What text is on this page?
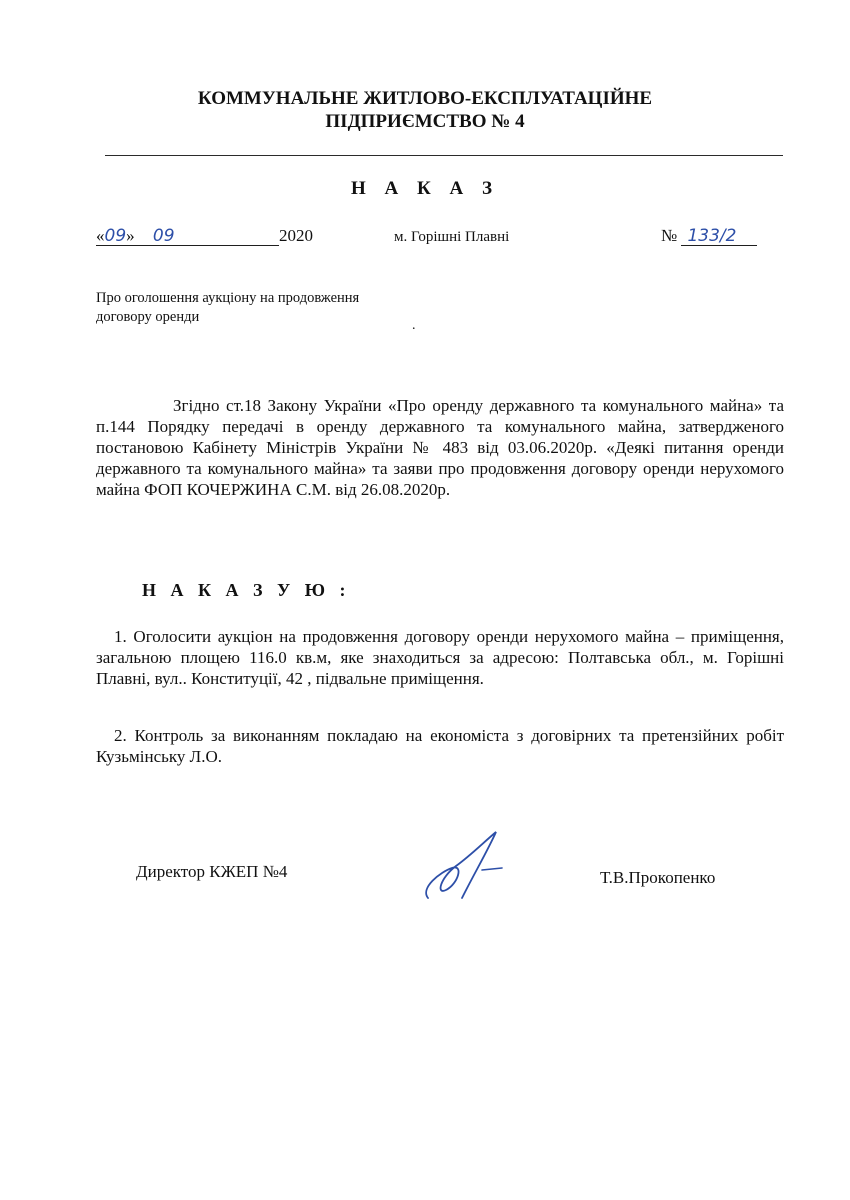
КОММУНАЛЬНЕ ЖИТЛОВО-ЕКСПЛУАТАЦІЙНЕ
ПІДПРИЄМСТВО № 4
Н А К А З
«09» 09	2020	м. Горішні Плавні	№ 133/2
Про оголошення аукціону на продовження
договору оренди
.
Згідно ст.18 Закону України «Про оренду державного та комунального майна» та п.144 Порядку передачі в оренду державного та комунального майна, затвердженого постановою Кабінету Міністрів України № 483 від 03.06.2020р. «Деякі питання оренди державного та комунального майна» та заяви про продовження договору оренди нерухомого майна ФОП КОЧЕРЖИНА С.М. від 26.08.2020р.
Н А К А З У Ю :
1. Оголосити аукціон на продовження договору оренди нерухомого майна – приміщення, загальною площею 116.0 кв.м, яке знаходиться за адресою: Полтавська обл., м. Горішні Плавні, вул.. Конституції, 42 , підвальне приміщення.
2. Контроль за виконанням покладаю на економіста з договірних та претензійних робіт Кузьмінську Л.О.
Директор КЖЕП №4	Т.В.Прокопенко
